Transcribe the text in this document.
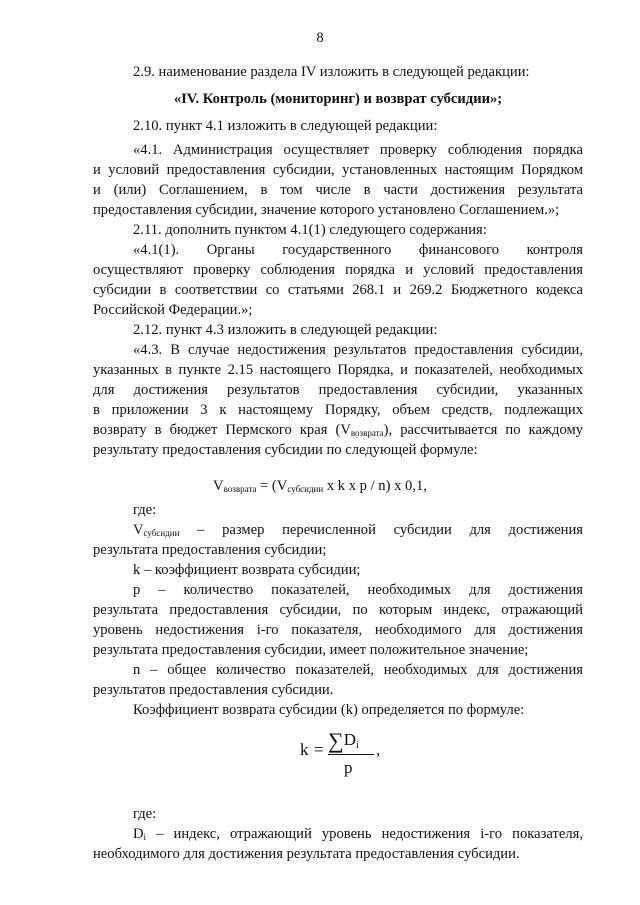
8
2.9. наименование раздела IV изложить в следующей редакции:
«IV. Контроль (мониторинг) и возврат субсидии»;
2.10. пункт 4.1 изложить в следующей редакции:
«4.1. Администрация осуществляет проверку соблюдения порядка
и условий предоставления субсидии, установленных настоящим Порядком
и (или) Соглашением, в том числе в части достижения результата
предоставления субсидии, значение которого установлено Соглашением.»;
2.11. дополнить пунктом 4.1(1) следующего содержания:
«4.1(1). Органы государственного финансового контроля
осуществляют проверку соблюдения порядка и условий предоставления
субсидии в соответствии со статьями 268.1 и 269.2 Бюджетного кодекса
Российской Федерации.»;
2.12. пункт 4.3 изложить в следующей редакции:
«4.3. В случае недостижения результатов предоставления субсидии,
указанных в пункте 2.15 настоящего Порядка, и показателей, необходимых
для достижения результатов предоставления субсидии, указанных
в приложении 3 к настоящему Порядку, объем средств, подлежащих
возврату в бюджет Пермского края $(V_{возврата})$, рассчитывается по каждому
результату предоставления субсидии по следующей формуле:
$V_{возврата} = (V_{субсидии}$ x k x p / n) x 0,1,
где:
$V_{субсидии}$ – размер перечисленной субсидии для достижения
результата предоставления субсидии;
k – коэффициент возврата субсидии;
p – количество показателей, необходимых для достижения
результата предоставления субсидии, по которым индекс, отражающий
уровень недостижения i-го показателя, необходимого для достижения
результата предоставления субсидии, имеет положительное значение;
n – общее количество показателей, необходимых для достижения
результатов предоставления субсидии.
Коэффициент возврата субсидии (k) определяется по формуле:
k = ∑Di
p
,
где:
$D_i$ – индекс, отражающий уровень недостижения i-го показателя,
необходимого для достижения результата предоставления субсидии.
